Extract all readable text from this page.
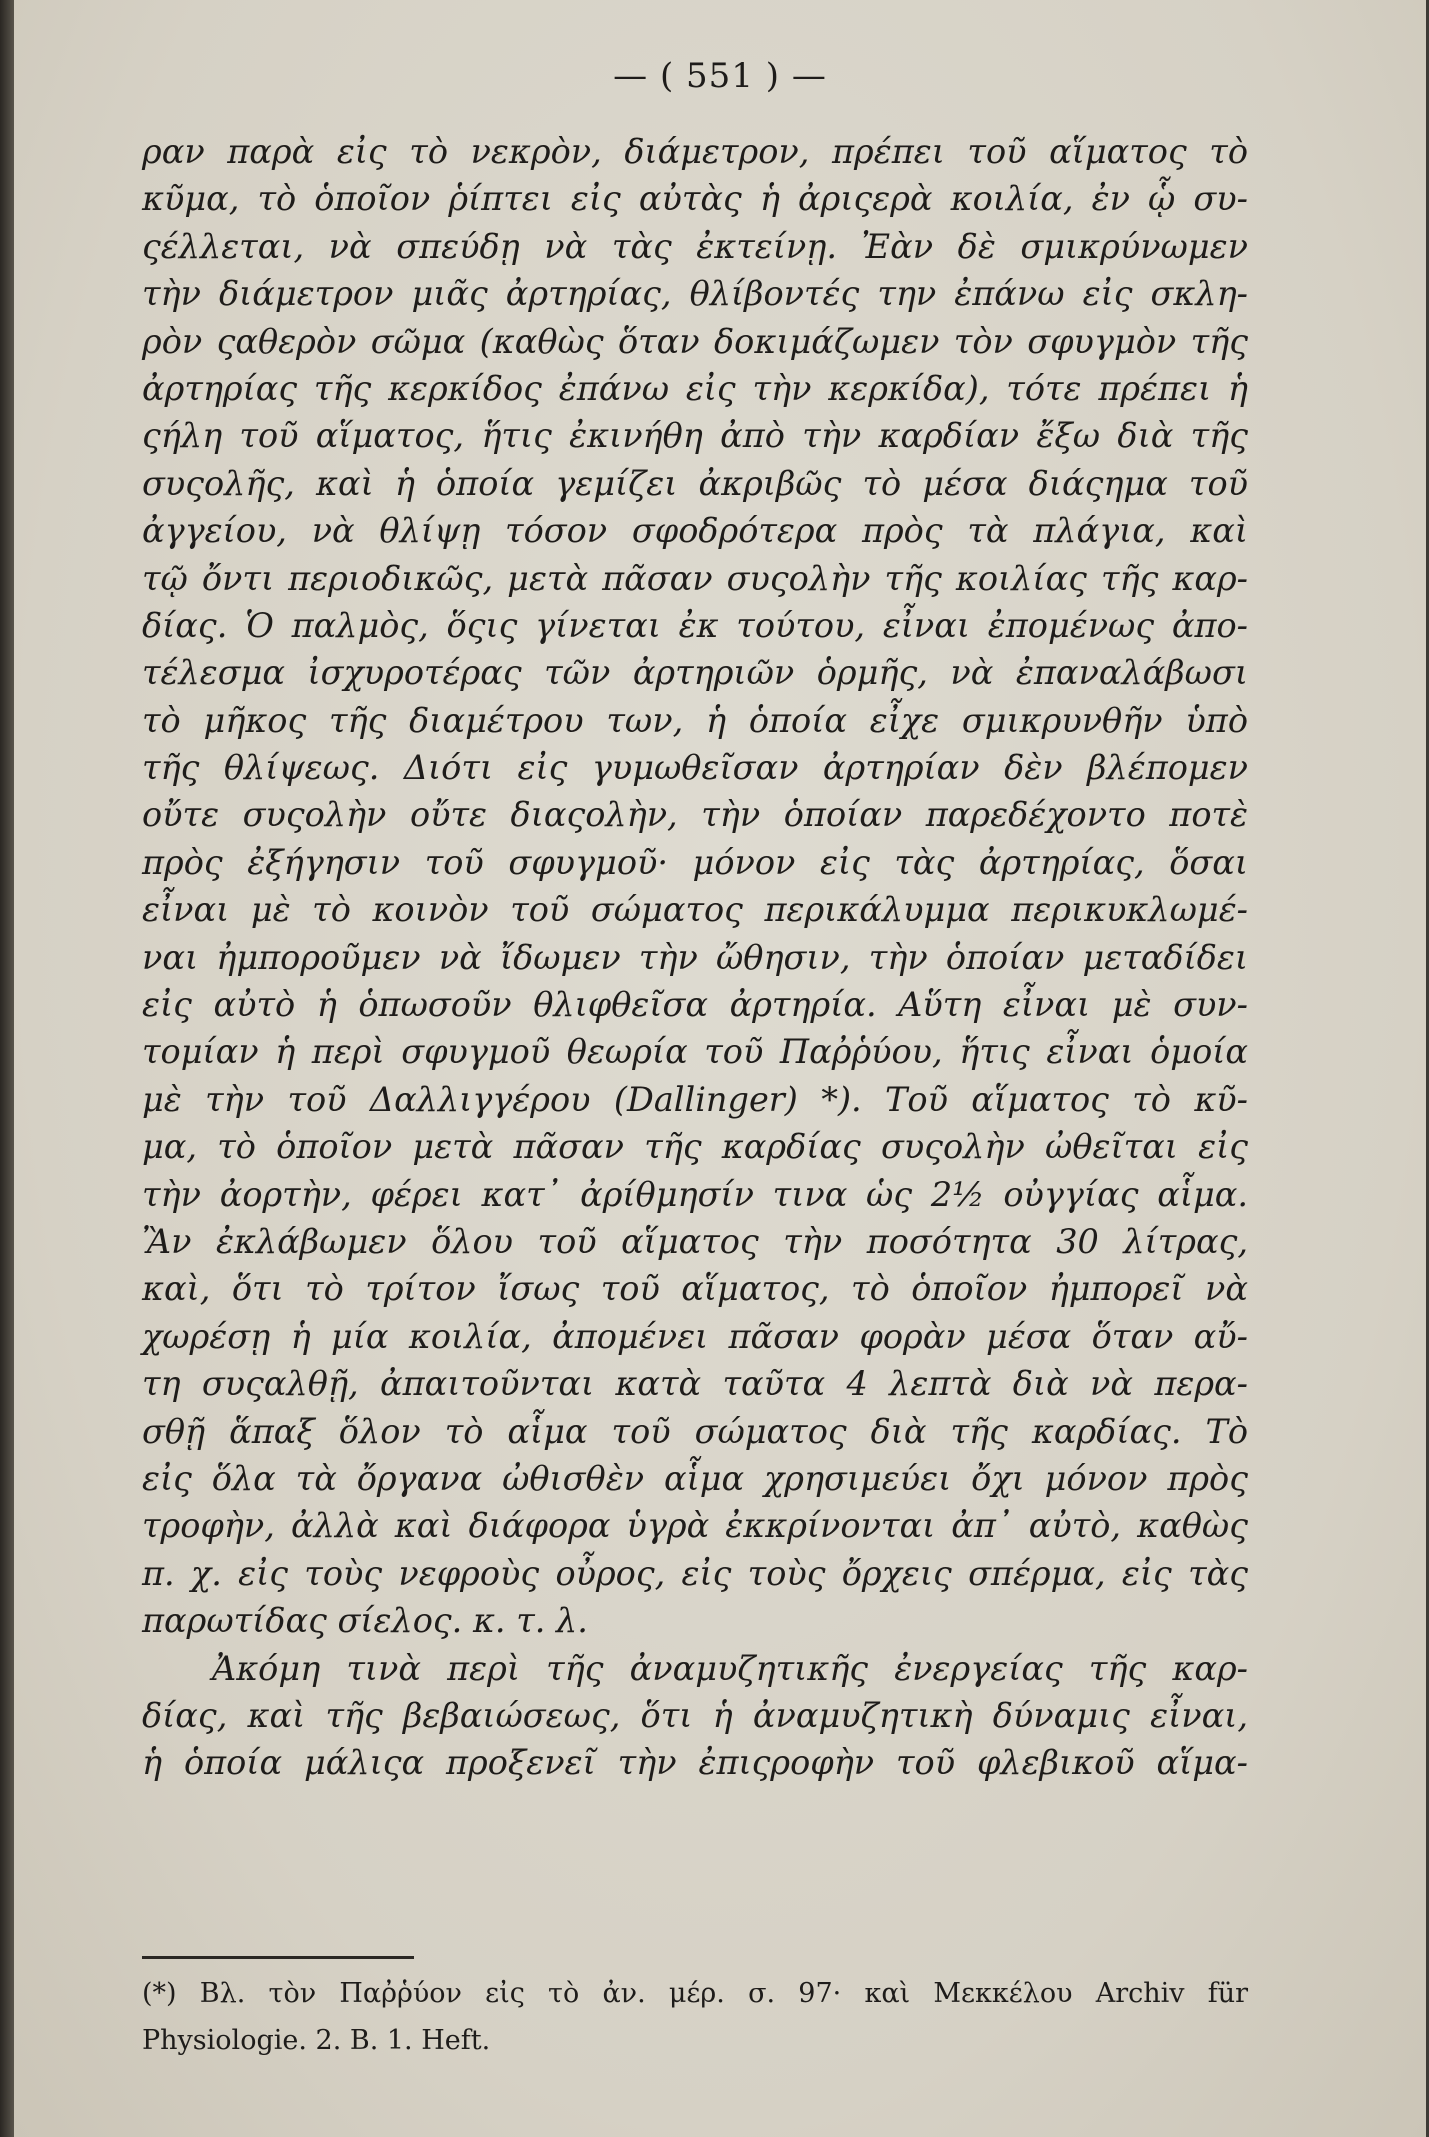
— ( 551 ) —
ραν παρὰ εἰς τὸ νεκρὸν, διάμετρον, πρέπει τοῦ αἵματος τὸ
κῦμα, τὸ ὁποῖον ῥίπτει εἰς αὐτὰς ἡ ἀριςερὰ κοιλία, ἐν ᾧ συ-
ςέλλεται, νὰ σπεύδῃ νὰ τὰς ἐκτείνῃ. Ἐὰν δὲ σμικρύνωμεν
τὴν διάμετρον μιᾶς ἀρτηρίας, θλίβοντές την ἐπάνω εἰς σκλη-
ρὸν ςαθερὸν σῶμα (καθὼς ὅταν δοκιμάζωμεν τὸν σφυγμὸν τῆς
ἀρτηρίας τῆς κερκίδος ἐπάνω εἰς τὴν κερκίδα), τότε πρέπει ἡ
ςήλη τοῦ αἵματος, ἥτις ἐκινήθη ἀπὸ τὴν καρδίαν ἔξω διὰ τῆς
συςολῆς, καὶ ἡ ὁποία γεμίζει ἀκριβῶς τὸ μέσα διάςημα τοῦ
ἀγγείου, νὰ θλίψῃ τόσον σφοδρότερα πρὸς τὰ πλάγια, καὶ
τῷ ὄντι περιοδικῶς, μετὰ πᾶσαν συςολὴν τῆς κοιλίας τῆς καρ-
δίας. Ὁ παλμὸς, ὅςις γίνεται ἐκ τούτου, εἶναι ἐπομένως ἀπο-
τέλεσμα ἰσχυροτέρας τῶν ἀρτηριῶν ὁρμῆς, νὰ ἐπαναλάβωσι
τὸ μῆκος τῆς διαμέτρου των, ἡ ὁποία εἶχε σμικρυνθῆν ὑπὸ
τῆς θλίψεως. Διότι εἰς γυμωθεῖσαν ἀρτηρίαν δὲν βλέπομεν
οὔτε συςολὴν οὔτε διαςολὴν, τὴν ὁποίαν παρεδέχοντο ποτὲ
πρὸς ἐξήγησιν τοῦ σφυγμοῦ· μόνον εἰς τὰς ἀρτηρίας, ὅσαι
εἶναι μὲ τὸ κοινὸν τοῦ σώματος περικάλυμμα περικυκλωμέ-
ναι ἠμποροῦμεν νὰ ἴδωμεν τὴν ὤθησιν, τὴν ὁποίαν μεταδίδει
εἰς αὐτὸ ἡ ὁπωσοῦν θλιφθεῖσα ἀρτηρία. Αὕτη εἶναι μὲ συν-
τομίαν ἡ περὶ σφυγμοῦ θεωρία τοῦ Παῤῥύου, ἥτις εἶναι ὁμοία
μὲ τὴν τοῦ Δαλλιγγέρου (Dallinger) *). Τοῦ αἵματος τὸ κῦ-
μα, τὸ ὁποῖον μετὰ πᾶσαν τῆς καρδίας συςολὴν ὠθεῖται εἰς
τὴν ἀορτὴν, φέρει κατ᾽ ἀρίθμησίν τινα ὡς 2½ οὐγγίας αἷμα.
Ἂν ἐκλάβωμεν ὅλου τοῦ αἵματος τὴν ποσότητα 30 λίτρας,
καὶ, ὅτι τὸ τρίτον ἴσως τοῦ αἵματος, τὸ ὁποῖον ἠμπορεῖ νὰ
χωρέσῃ ἡ μία κοιλία, ἀπομένει πᾶσαν φορὰν μέσα ὅταν αὔ-
τη συςαλθῇ, ἀπαιτοῦνται κατὰ ταῦτα 4 λεπτὰ διὰ νὰ περα-
σθῇ ἅπαξ ὅλον τὸ αἷμα τοῦ σώματος διὰ τῆς καρδίας. Τὸ
εἰς ὅλα τὰ ὄργανα ὠθισθὲν αἷμα χρησιμεύει ὄχι μόνον πρὸς
τροφὴν, ἀλλὰ καὶ διάφορα ὑγρὰ ἐκκρίνονται ἀπ᾽ αὐτὸ, καθὼς
π. χ. εἰς τοὺς νεφροὺς οὖρος, εἰς τοὺς ὄρχεις σπέρμα, εἰς τὰς
παρωτίδας σίελος. κ. τ. λ.
Ἀκόμη τινὰ περὶ τῆς ἀναμυζητικῆς ἐνεργείας τῆς καρ-
δίας, καὶ τῆς βεβαιώσεως, ὅτι ἡ ἀναμυζητικὴ δύναμις εἶναι,
ἡ ὁποία μάλιςα προξενεῖ τὴν ἐπιςροφὴν τοῦ φλεβικοῦ αἵμα-
(*) Βλ. τὸν Παῤῥύον εἰς τὸ ἀν. μέρ. σ. 97· καὶ Μεκκέλου Archiv für
Physiologie. 2. B. 1. Heft.
